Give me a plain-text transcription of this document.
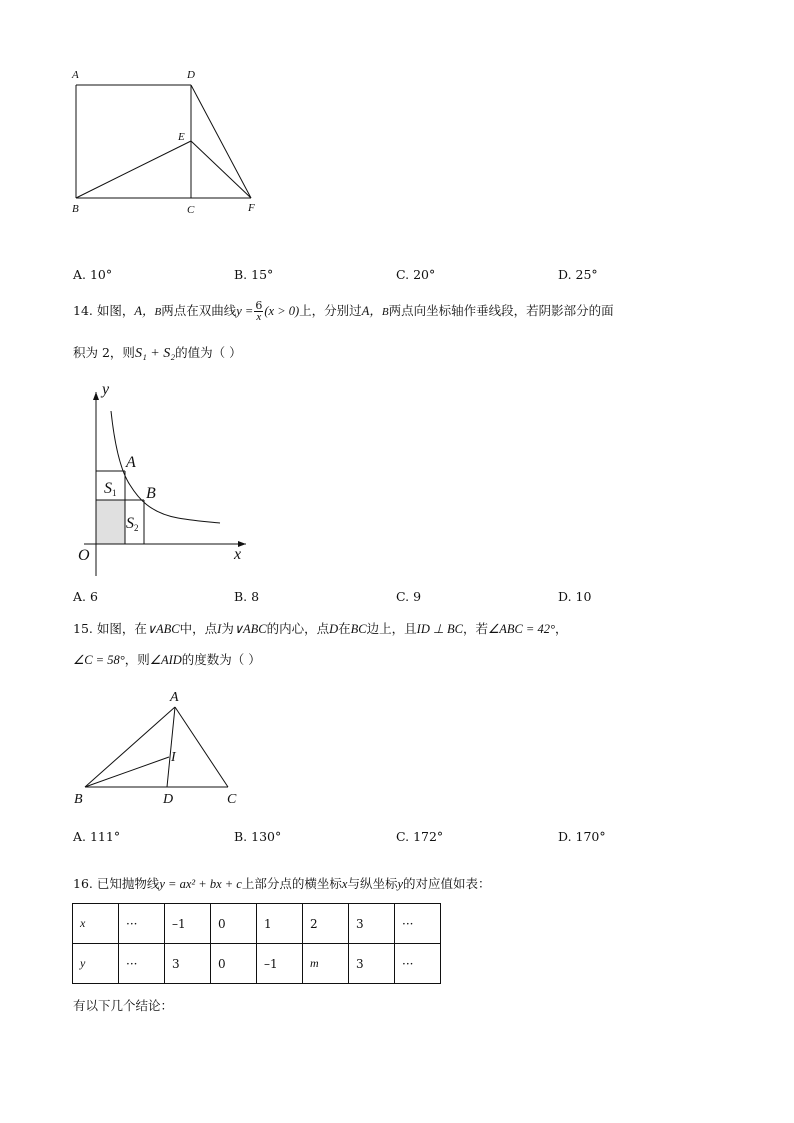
A	D
E
B	C	F
A. 10°	B. 15°	C. 20°	D. 25°
14. 如图，A，B两点在双曲线$y = \frac{6}{x} (x > 0)$上，分别过A，B两点向坐标轴作垂线段，若阴影部分的面
积为 2，则S₁ + S₂的值为（ ）
y
x
O
A
B
S1
S2
A. 6	B. 8	C. 9	D. 10
15. 如图，在∨ABC中，点I为∨ABC的内心，点D在BC边上，且ID ⊥ BC，若∠ABC = 42°，
∠C = 58°，则∠AID的度数为（ ）
A
I
B	D	C
A. 111°	B. 130°	C. 172°	D. 170°
16. 已知抛物线y = ax² + bx + c上部分点的横坐标x与纵坐标y的对应值如表：
x	···	–1	0	1	2	3	···
y	···	3	0	–1	m	3	···
有以下几个结论：
